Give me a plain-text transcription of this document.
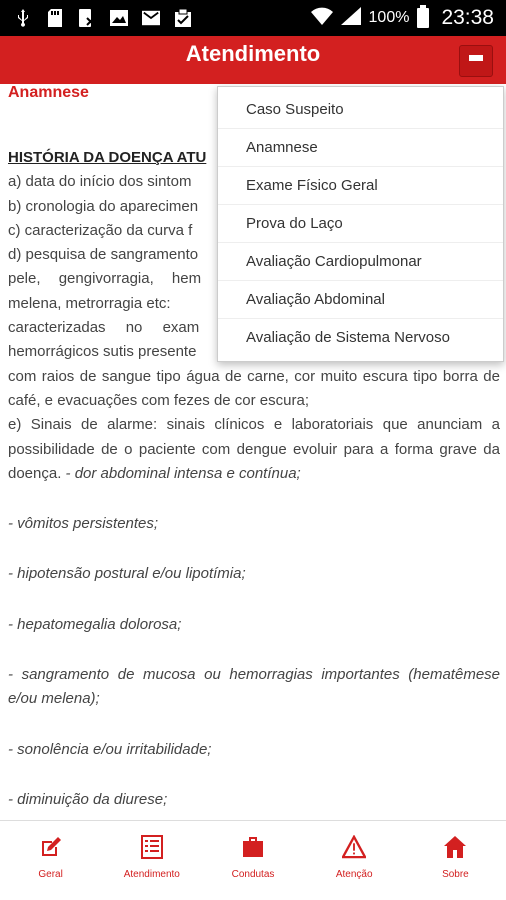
100% 23:38
Atendimento
Anamnese
HISTÓRIA DA DOENÇA ATU
a) data do início dos sintom
b) cronologia do aparecimen
c) caracterização da curva f
d) pesquisa de sangramento
pele, gengivorragia, hem
melena, metrorragia etc:
caracterizadas no exam
hemorrágicos sutis presente
com raios de sangue tipo água de carne, cor muito escura tipo borra de café, e evacuações com fezes de cor escura;
e) Sinais de alarme: sinais clínicos e laboratoriais que anunciam a possibilidade de o paciente com dengue evoluir para a forma grave da doença. - dor abdominal intensa e contínua;
- vômitos persistentes;
- hipotensão postural e/ou lipotímia;
- hepatomegalia dolorosa;
- sangramento de mucosa ou hemorragias importantes (hematêmese e/ou melena);
- sonolência e/ou irritabilidade;
- diminuição da diurese;
Caso Suspeito
Anamnese
Exame Físico Geral
Prova do Laço
Avaliação Cardiopulmonar
Avaliação Abdominal
Avaliação de Sistema Nervoso
Geral	Atendimento	Condutas	Atenção	Sobre
